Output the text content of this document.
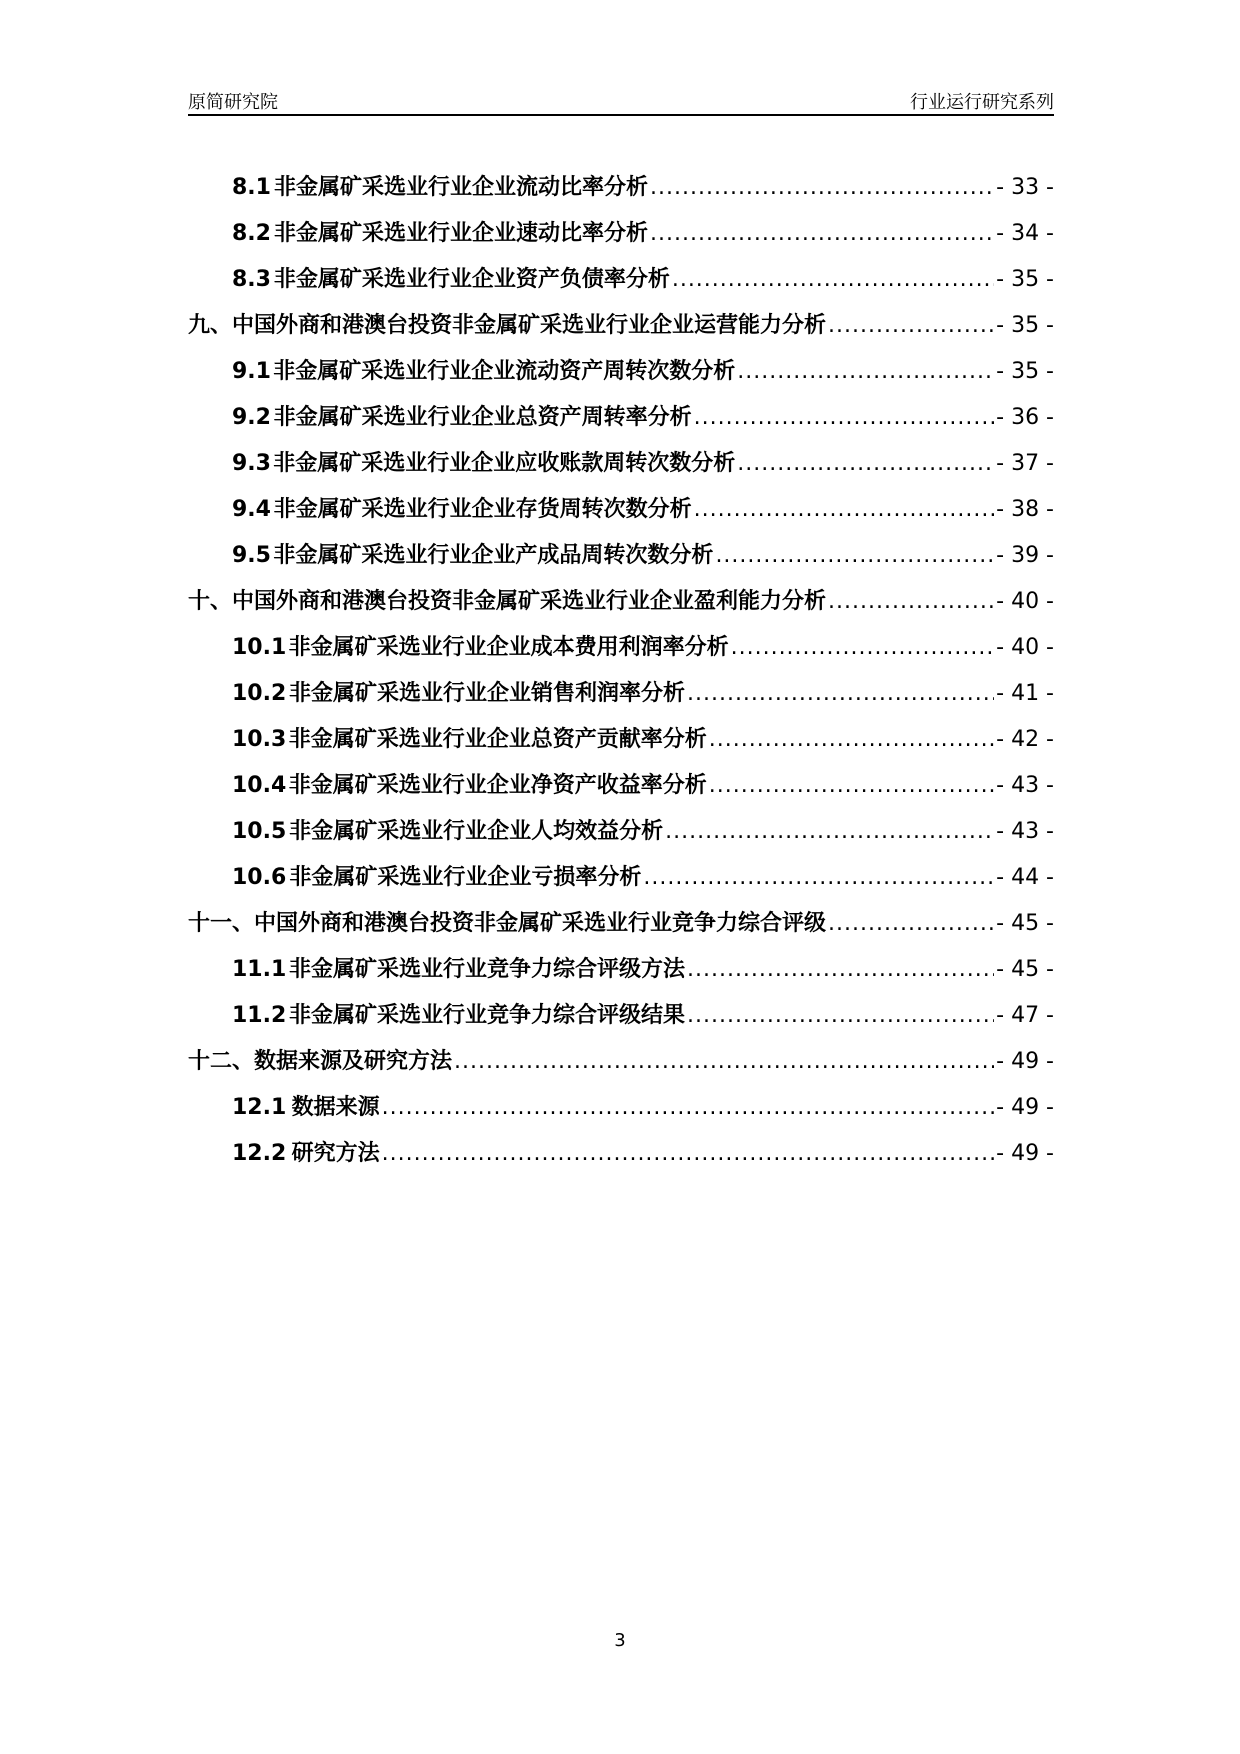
原简研究院	行业运行研究系列
8.1 非金属矿采选业行业企业流动比率分析 .....	- 33 -
8.2 非金属矿采选业行业企业速动比率分析 .....	- 34 -
8.3 非金属矿采选业行业企业资产负债率分析 .....	- 35 -
九、 中国外商和港澳台投资非金属矿采选业行业企业运营能力分析 .....	- 35 -
9.1 非金属矿采选业行业企业流动资产周转次数分析 .....	- 35 -
9.2 非金属矿采选业行业企业总资产周转率分析 .....	- 36 -
9.3 非金属矿采选业行业企业应收账款周转次数分析 .....	- 37 -
9.4 非金属矿采选业行业企业存货周转次数分析 .....	- 38 -
9.5 非金属矿采选业行业企业产成品周转次数分析 .....	- 39 -
十、 中国外商和港澳台投资非金属矿采选业行业企业盈利能力分析 .....	- 40 -
10.1 非金属矿采选业行业企业成本费用利润率分析 .....	- 40 -
10.2 非金属矿采选业行业企业销售利润率分析 .....	- 41 -
10.3 非金属矿采选业行业企业总资产贡献率分析 .....	- 42 -
10.4 非金属矿采选业行业企业净资产收益率分析 .....	- 43 -
10.5 非金属矿采选业行业企业人均效益分析 .....	- 43 -
10.6 非金属矿采选业行业企业亏损率分析 .....	- 44 -
十一、 中国外商和港澳台投资非金属矿采选业行业竞争力综合评级 .....	- 45 -
11.1 非金属矿采选业行业竞争力综合评级方法 .....	- 45 -
11.2 非金属矿采选业行业竞争力综合评级结果 .....	- 47 -
十二、 数据来源及研究方法 .....	- 49 -
12.1 数据来源 .....	- 49 -
12.2 研究方法 .....	- 49 -
3
